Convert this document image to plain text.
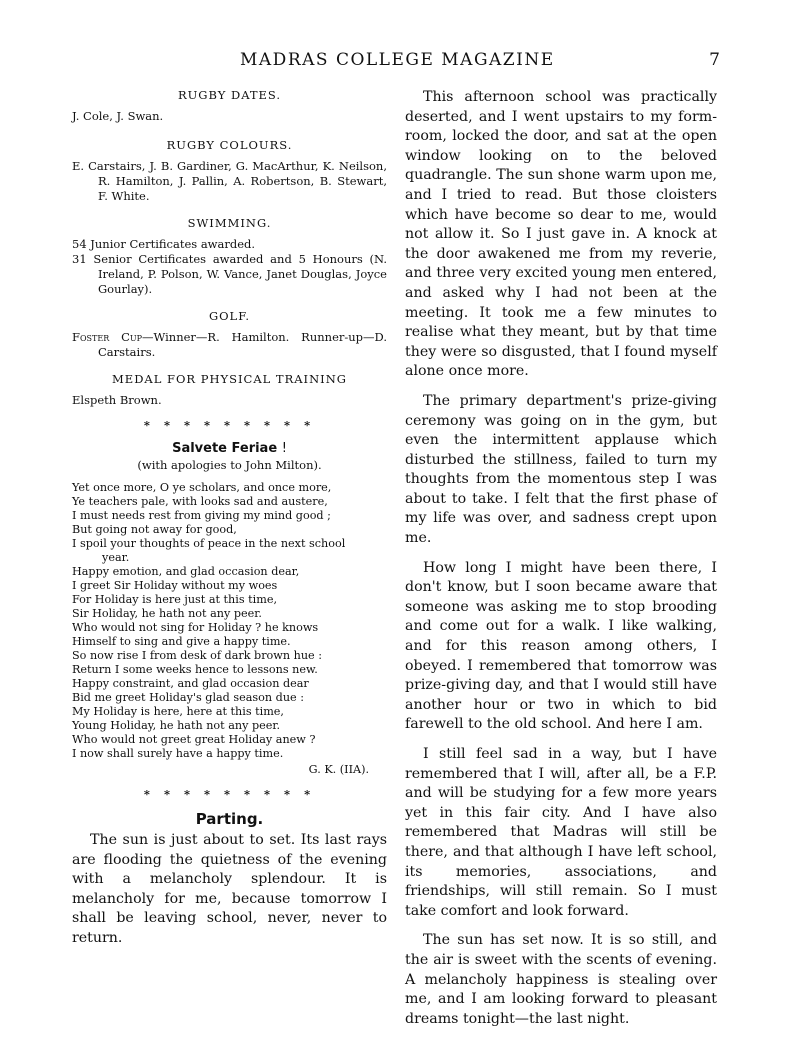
MADRAS COLLEGE MAGAZINE	7

RUGBY DATES.

J. Cole, J. Swan.

RUGBY COLOURS.

E. Carstairs, J. B. Gardiner, G. MacArthur, K. Neilson, R. Hamilton, J. Pallin, A. Robertson, B. Stewart, F. White.

SWIMMING.

54 Junior Certificates awarded.

31 Senior Certificates awarded and 5 Honours (N. Ireland, P. Polson, W. Vance, Janet Douglas, Joyce Gourlay).

GOLF.

Foster Cup—Winner—R. Hamilton. Runner-up—D. Carstairs.

MEDAL FOR PHYSICAL TRAINING

Elspeth Brown.

* * * * * * * * *

Salvete Feriae !

(with apologies to John Milton).

Yet once more, O ye scholars, and once more,

Ye teachers pale, with looks sad and austere,

I must needs rest from giving my mind good ;

But going not away for good,

I spoil your thoughts of peace in the next school

year.

Happy emotion, and glad occasion dear,

I greet Sir Holiday without my woes

For Holiday is here just at this time,

Sir Holiday, he hath not any peer.

Who would not sing for Holiday ? he knows

Himself to sing and give a happy time.

So now rise I from desk of dark brown hue :

Return I some weeks hence to lessons new.

Happy constraint, and glad occasion dear

Bid me greet Holiday's glad season due :

My Holiday is here, here at this time,

Young Holiday, he hath not any peer.

Who would not greet great Holiday anew ?

I now shall surely have a happy time.

G. K. (IIA).

* * * * * * * * *

Parting.

The sun is just about to set. Its last rays are flooding the quietness of the evening with a melancholy splendour. It is melancholy for me, because tomorrow I shall be leaving school, never, never to return.

This afternoon school was practically deserted, and I went upstairs to my form-room, locked the door, and sat at the open window looking on to the beloved quadrangle. The sun shone warm upon me, and I tried to read. But those cloisters which have become so dear to me, would not allow it. So I just gave in. A knock at the door awakened me from my reverie, and three very excited young men entered, and asked why I had not been at the meeting. It took me a few minutes to realise what they meant, but by that time they were so disgusted, that I found myself alone once more.

The primary department's prize-giving ceremony was going on in the gym, but even the intermittent applause which disturbed the stillness, failed to turn my thoughts from the momentous step I was about to take. I felt that the first phase of my life was over, and sadness crept upon me.

How long I might have been there, I don't know, but I soon became aware that someone was asking me to stop brooding and come out for a walk. I like walking, and for this reason among others, I obeyed. I remembered that tomorrow was prize-giving day, and that I would still have another hour or two in which to bid farewell to the old school. And here I am.

I still feel sad in a way, but I have remembered that I will, after all, be a F.P. and will be studying for a few more years yet in this fair city. And I have also remembered that Madras will still be there, and that although I have left school, its memories, associations, and friendships, will still remain. So I must take comfort and look forward.

The sun has set now. It is so still, and the air is sweet with the scents of evening. A melancholy happiness is stealing over me, and I am looking forward to pleasant dreams tonight—the last night.
